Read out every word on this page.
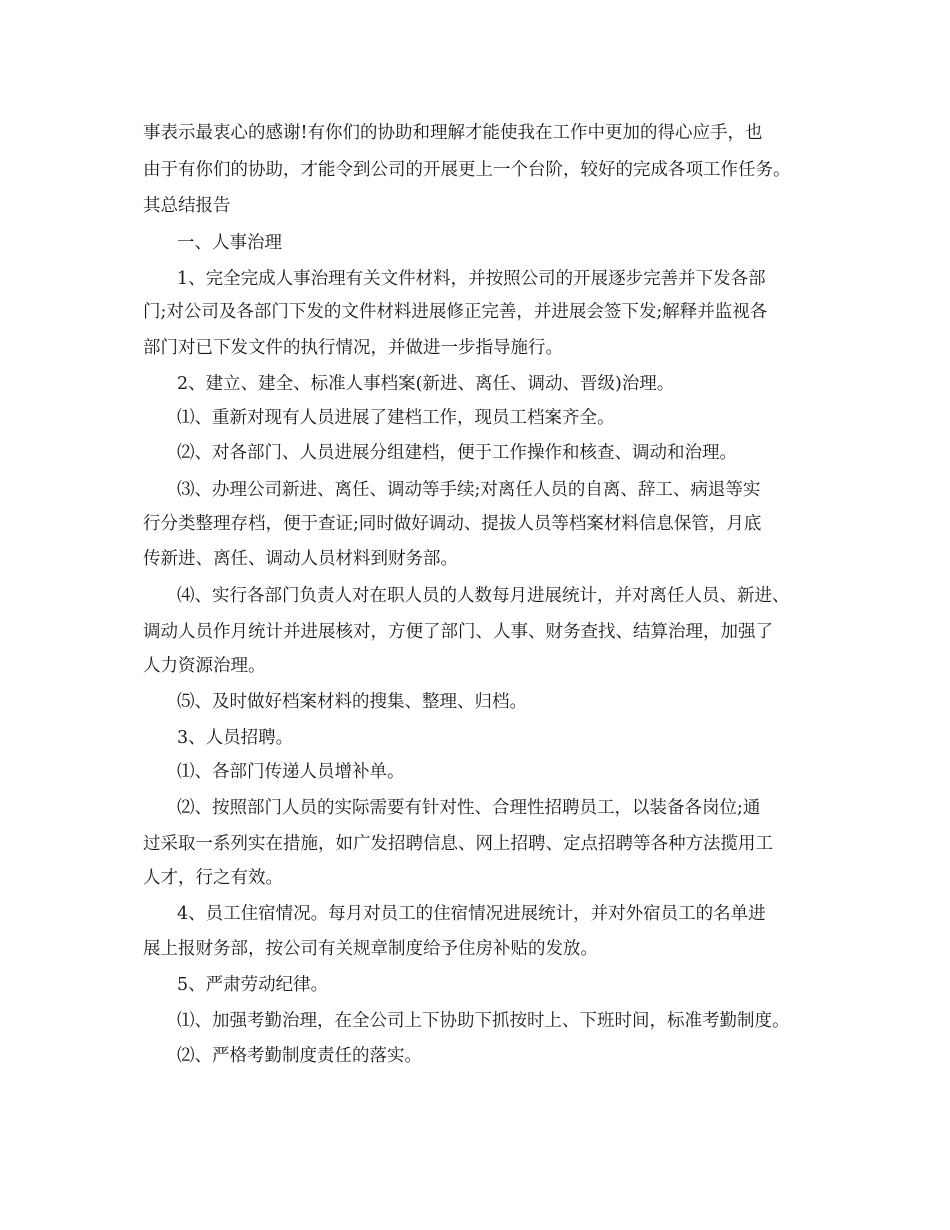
事表示最衷心的感谢!有你们的协助和理解才能使我在工作中更加的得心应手，也

由于有你们的协助，才能令到公司的开展更上一个台阶，较好的完成各项工作任务。

其总结报告

一、人事治理

1、完全完成人事治理有关文件材料，并按照公司的开展逐步完善并下发各部

门;对公司及各部门下发的文件材料进展修正完善，并进展会签下发;解释并监视各

部门对已下发文件的执行情况，并做进一步指导施行。

2、建立、建全、标准人事档案(新进、离任、调动、晋级)治理。

⑴、重新对现有人员进展了建档工作，现员工档案齐全。

⑵、对各部门、人员进展分组建档，便于工作操作和核查、调动和治理。

⑶、办理公司新进、离任、调动等手续;对离任人员的自离、辞工、病退等实

行分类整理存档，便于查证;同时做好调动、提拔人员等档案材料信息保管，月底

传新进、离任、调动人员材料到财务部。

⑷、实行各部门负责人对在职人员的人数每月进展统计，并对离任人员、新进、

调动人员作月统计并进展核对，方便了部门、人事、财务查找、结算治理，加强了

人力资源治理。

⑸、及时做好档案材料的搜集、整理、归档。

3、人员招聘。

⑴、各部门传递人员增补单。

⑵、按照部门人员的实际需要有针对性、合理性招聘员工，以装备各岗位;通

过采取一系列实在措施，如广发招聘信息、网上招聘、定点招聘等各种方法揽用工

人才，行之有效。

4、员工住宿情况。每月对员工的住宿情况进展统计，并对外宿员工的名单进

展上报财务部，按公司有关规章制度给予住房补贴的发放。

5、严肃劳动纪律。

⑴、加强考勤治理，在全公司上下协助下抓按时上、下班时间，标准考勤制度。

⑵、严格考勤制度责任的落实。
